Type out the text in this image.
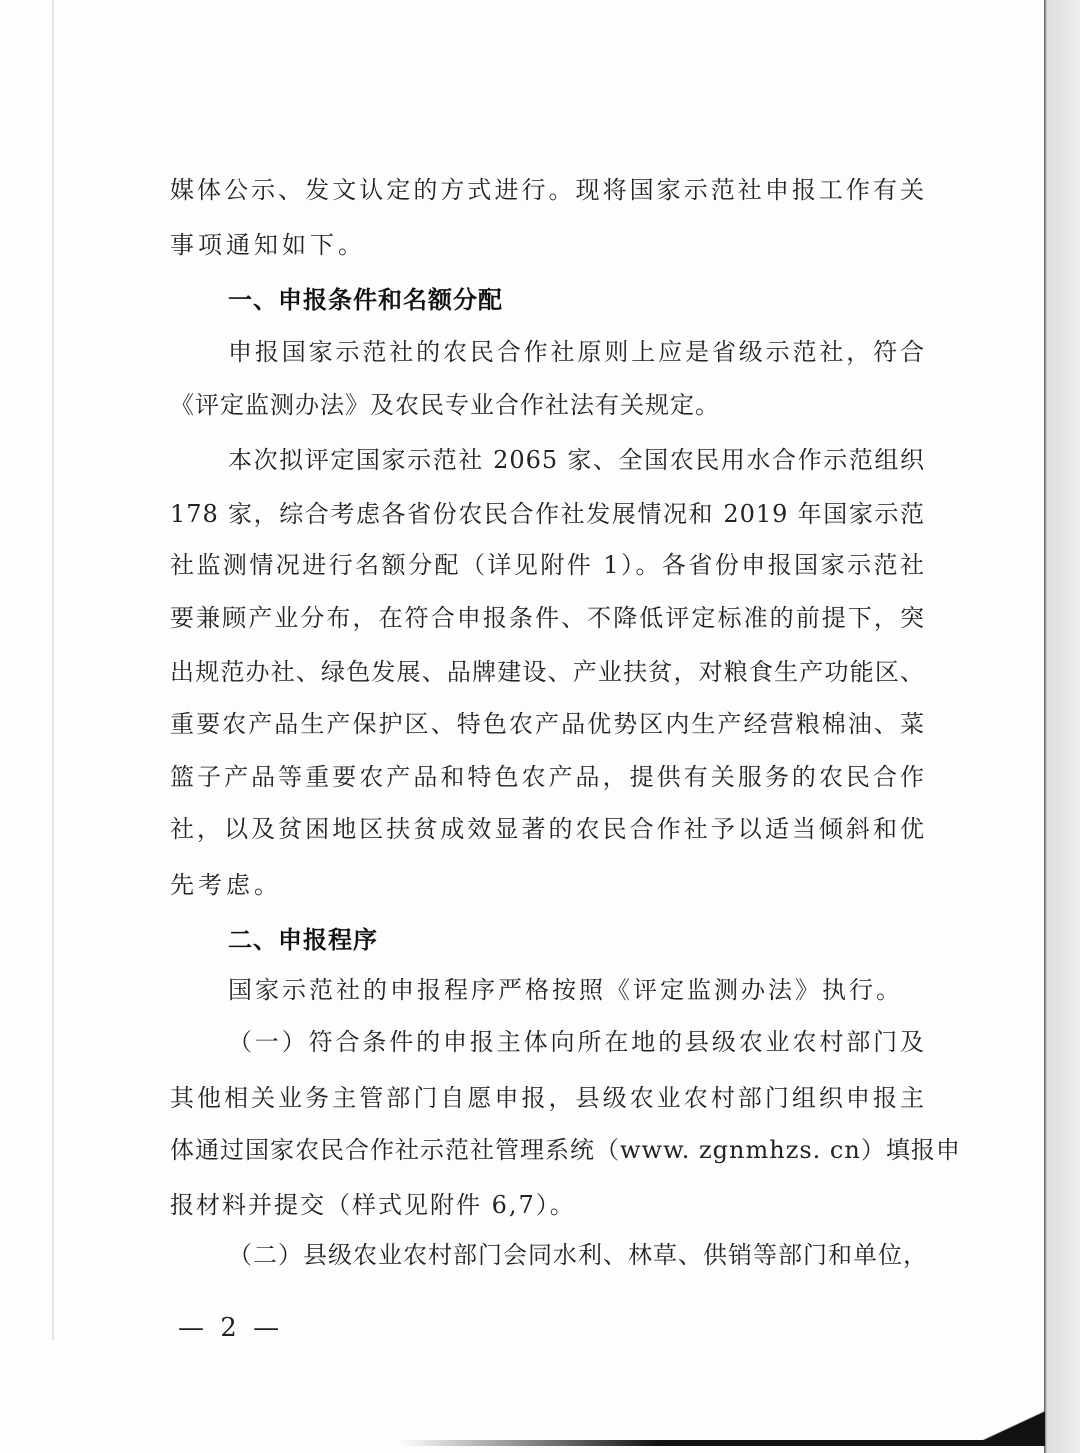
媒体公示、发文认定的方式进行。现将国家示范社申报工作有关
事项通知如下。
一、申报条件和名额分配
申报国家示范社的农民合作社原则上应是省级示范社，符合
《评定监测办法》及农民专业合作社法有关规定。
本次拟评定国家示范社 2065 家、全国农民用水合作示范组织
178 家，综合考虑各省份农民合作社发展情况和 2019 年国家示范
社监测情况进行名额分配（详见附件 1）。各省份申报国家示范社
要兼顾产业分布，在符合申报条件、不降低评定标准的前提下，突
出规范办社、绿色发展、品牌建设、产业扶贫，对粮食生产功能区、
重要农产品生产保护区、特色农产品优势区内生产经营粮棉油、菜
篮子产品等重要农产品和特色农产品，提供有关服务的农民合作
社，以及贫困地区扶贫成效显著的农民合作社予以适当倾斜和优
先考虑。
二、申报程序
国家示范社的申报程序严格按照《评定监测办法》执行。
（一）符合条件的申报主体向所在地的县级农业农村部门及
其他相关业务主管部门自愿申报，县级农业农村部门组织申报主
体通过国家农民合作社示范社管理系统（www. zgnmhzs. cn）填报申
报材料并提交（样式见附件 6,7）。
（二）县级农业农村部门会同水利、林草、供销等部门和单位，
— 2 —
